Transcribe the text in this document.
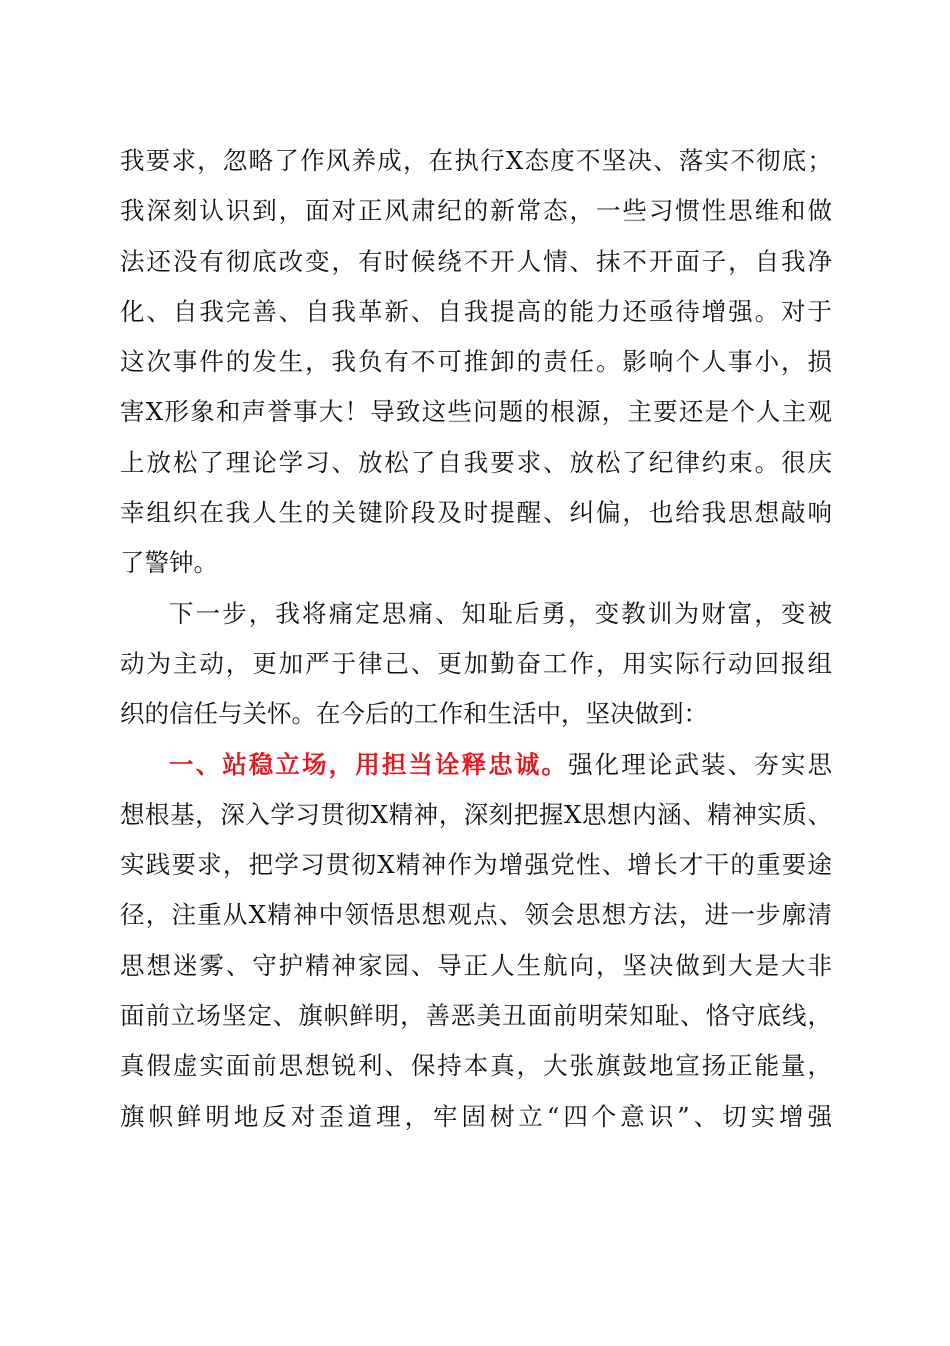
我要求，忽略了作风养成，在执行X态度不坚决、落实不彻底；
我深刻认识到，面对正风肃纪的新常态，一些习惯性思维和做
法还没有彻底改变，有时候绕不开人情、抹不开面子，自我净
化、自我完善、自我革新、自我提高的能力还亟待增强。对于
这次事件的发生，我负有不可推卸的责任。影响个人事小，损
害X形象和声誉事大！导致这些问题的根源，主要还是个人主观
上放松了理论学习、放松了自我要求、放松了纪律约束。很庆
幸组织在我人生的关键阶段及时提醒、纠偏，也给我思想敲响
了警钟。
下一步，我将痛定思痛、知耻后勇，变教训为财富，变被
动为主动，更加严于律己、更加勤奋工作，用实际行动回报组
织的信任与关怀。在今后的工作和生活中，坚决做到：
一、站稳立场，用担当诠释忠诚。强化理论武装、夯实思
想根基，深入学习贯彻X精神，深刻把握X思想内涵、精神实质、
实践要求，把学习贯彻X精神作为增强党性、增长才干的重要途
径，注重从X精神中领悟思想观点、领会思想方法，进一步廓清
思想迷雾、守护精神家园、导正人生航向，坚决做到大是大非
面前立场坚定、旗帜鲜明，善恶美丑面前明荣知耻、恪守底线，
真假虚实面前思想锐利、保持本真，大张旗鼓地宣扬正能量，
旗帜鲜明地反对歪道理，牢固树立“四个意识”、切实增强
